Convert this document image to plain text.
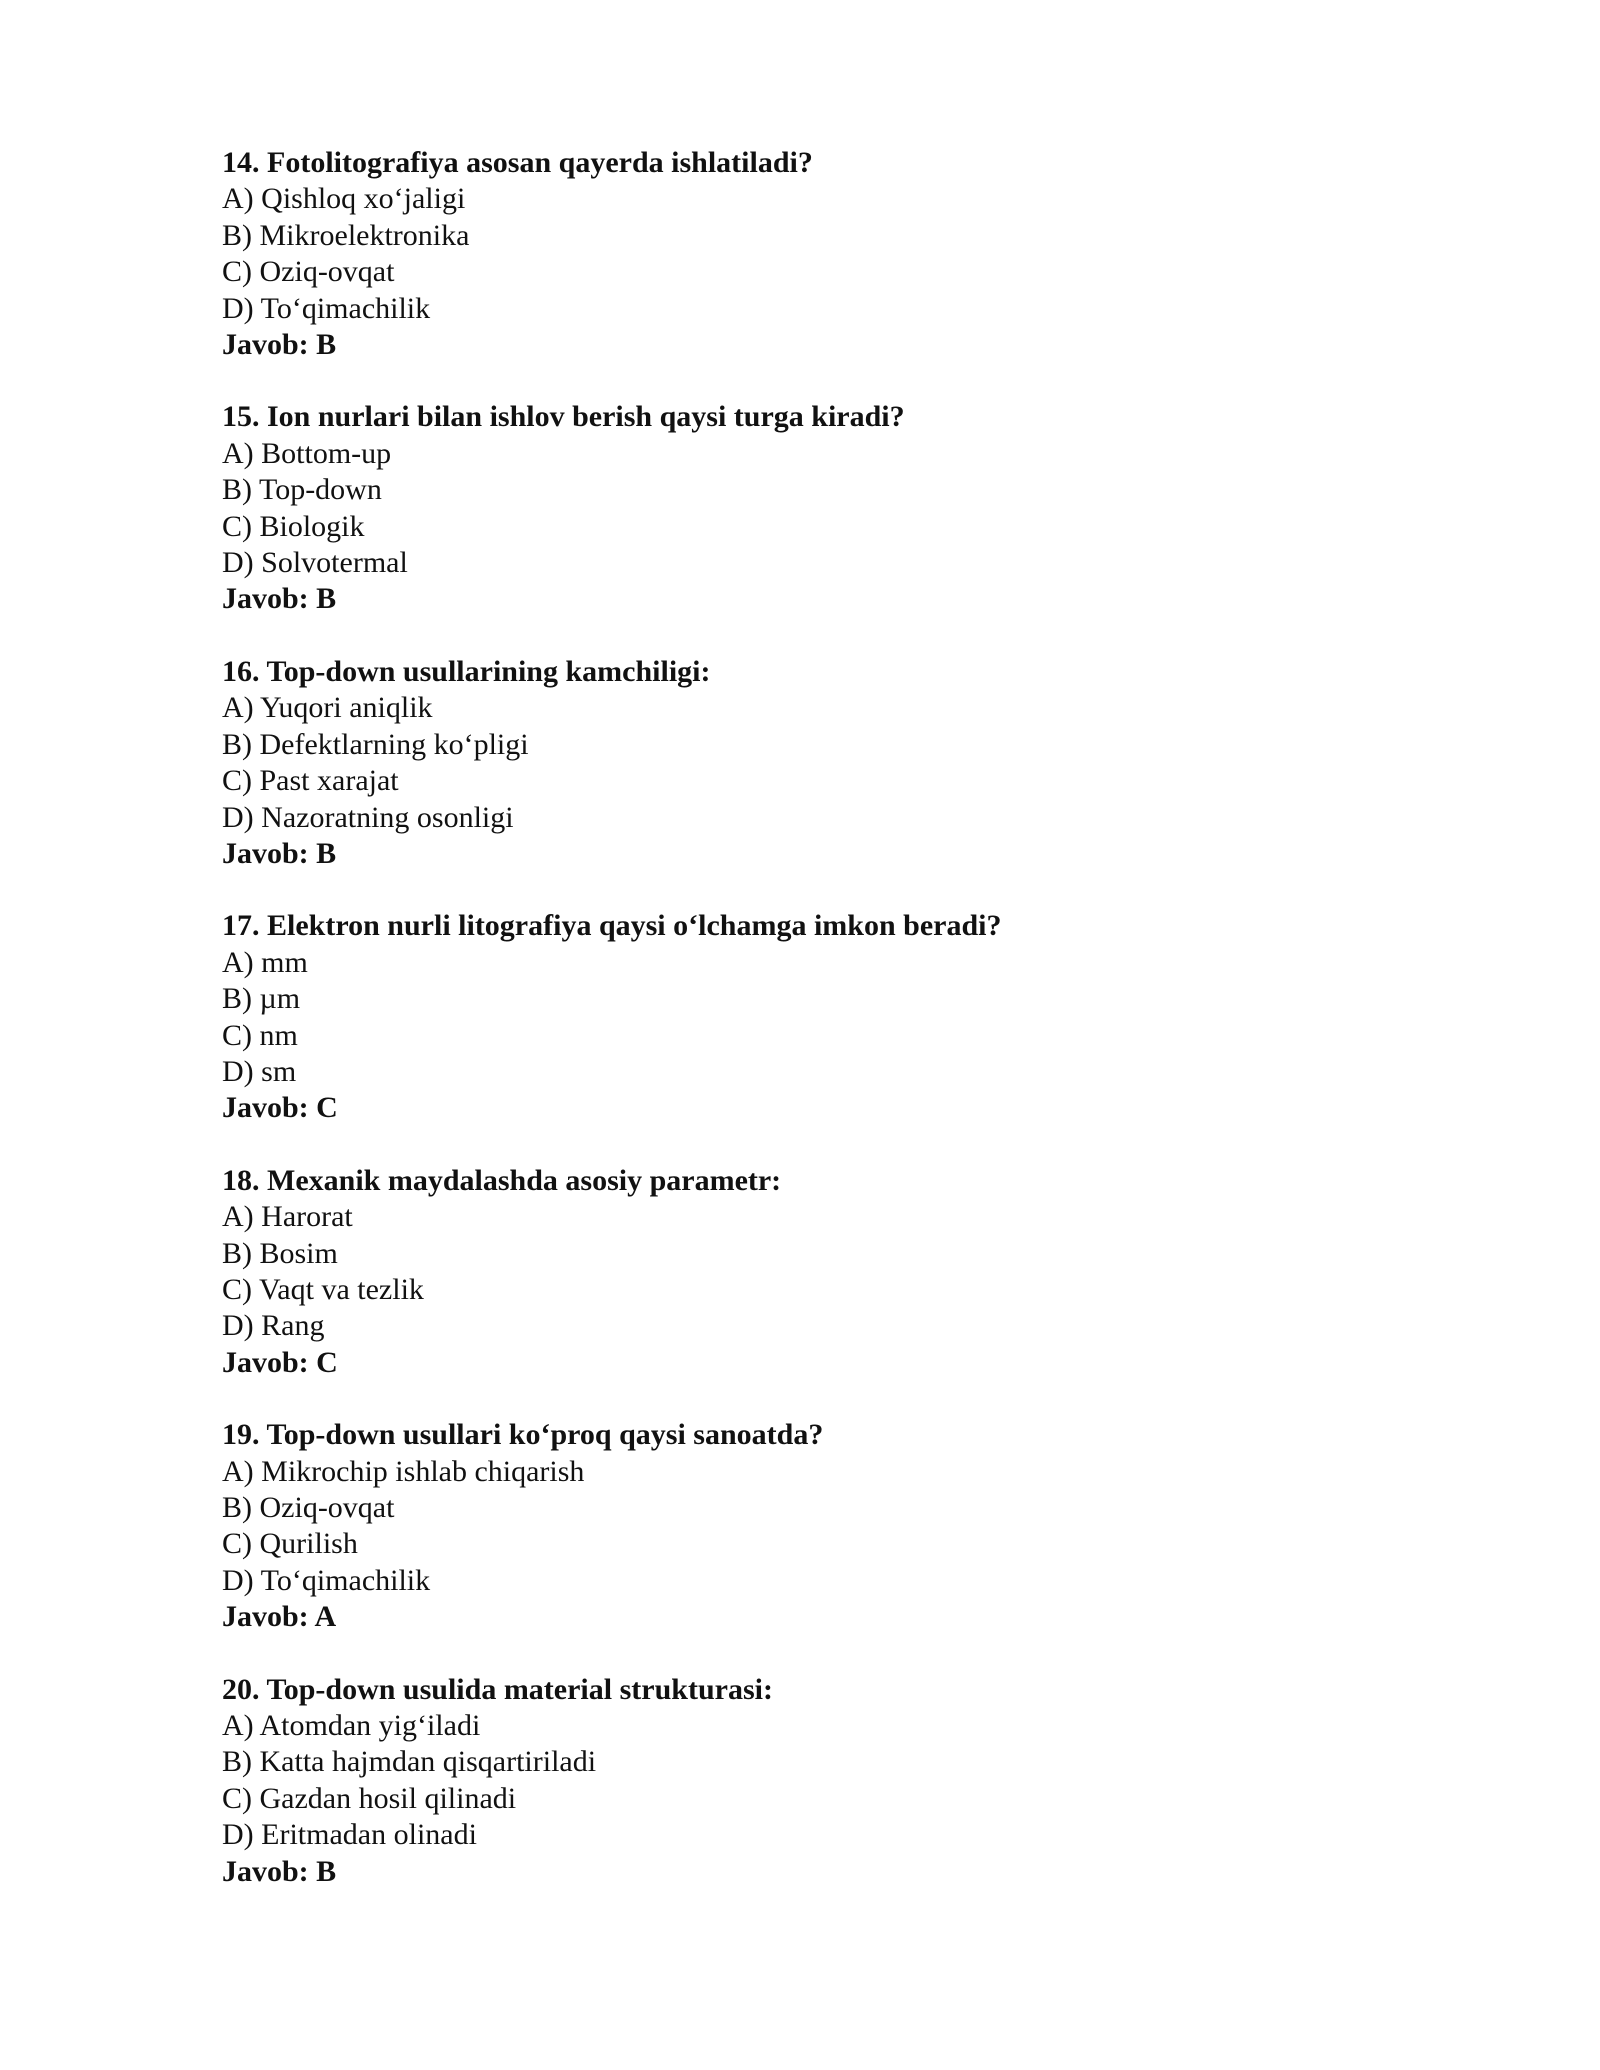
14. Fotolitografiya asosan qayerda ishlatiladi?
A) Qishloq xo‘jaligi
B) Mikroelektronika
C) Oziq-ovqat
D) To‘qimachilik
Javob: B
15. Ion nurlari bilan ishlov berish qaysi turga kiradi?
A) Bottom-up
B) Top-down
C) Biologik
D) Solvotermal
Javob: B
16. Top-down usullarining kamchiligi:
A) Yuqori aniqlik
B) Defektlarning ko‘pligi
C) Past xarajat
D) Nazoratning osonligi
Javob: B
17. Elektron nurli litografiya qaysi o‘lchamga imkon beradi?
A) mm
B) µm
C) nm
D) sm
Javob: C
18. Mexanik maydalashda asosiy parametr:
A) Harorat
B) Bosim
C) Vaqt va tezlik
D) Rang
Javob: C
19. Top-down usullari ko‘proq qaysi sanoatda?
A) Mikrochip ishlab chiqarish
B) Oziq-ovqat
C) Qurilish
D) To‘qimachilik
Javob: A
20. Top-down usulida material strukturasi:
A) Atomdan yig‘iladi
B) Katta hajmdan qisqartiriladi
C) Gazdan hosil qilinadi
D) Eritmadan olinadi
Javob: B
